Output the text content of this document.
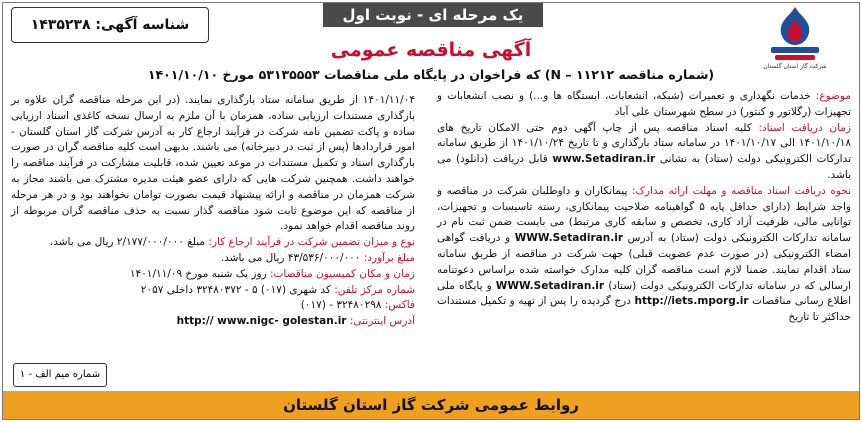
یک مرحله ای - نوبت اول
شناسه آگهی: ۱۴۳۵۲۳۸
شرکت گاز استان گلستان
آگهی مناقصه عمومی
(شماره مناقصه N – ۱۱۲۱۲) که فراخوان در پایگاه ملی مناقصات ۵۳۱۳۵۵۵۳ مورخ ۱۴۰۱/۱۰/۱۰

موضوع: خدمات نگهداری و تعمیرات (شبکه، انشعابات، ایستگاه ها و...) و نصب انشعابات و تجهیزات (رگلاتور و کنتور) در سطح شهرستان علی آباد

زمان دریافت اسناد: کلیه اسناد مناقصه پس از چاپ آگهی دوم حتی الامکان تاریخ های ۱۴۰۱/۱۰/۱۸ الی ۱۴۰۱/۱۰/۱۷ در سامانه ستاد بارگذاری و تا تاریخ ۱۴۰۱/۱۰/۲۴ از طریق سامانه تدارکات الکترونیکی دولت (ستاد) به نشانی www.Setadiran.ir قابل دریافت (دانلود) می باشد.

نحوه دریافت اسناد مناقصه و مهلت ارائه مدارک: پیمانکاران و داوطلبان شرکت در مناقصه و واجد شرایط (دارای حداقل پایه ۵ گواهینامه صلاحیت پیمانکاری، رسته تاسیسات و تجهیزات، توانایی مالی، ظرفیت آزاد کاری، تخصص و سابقه کاری مرتبط) می بایست ضمن ثبت نام در سامانه تدارکات الکترونیکی دولت (ستاد) به آدرس WWW.Setadiran.ir و دریافت گواهی امضاء الکترونیکی (در صورت عدم عضویت قبلی) جهت شرکت در مناقصه از طریق سامانه ستاد اقدام نمایند. ضمنا لازم است مناقصه گران کلیه مدارک خواسته شده براساس دعوتنامه ارسالی که در سامانه تدارکات الکترونیکی دولت (ستاد) WWW.Setadiran.ir و پایگاه ملی اطلاع رسانی مناقصات http://iets.mporg.ir درج گردیده را پس از تهیه و تکمیل مستندات حداکثر تا تاریخ

۱۴۰۱/۱۱/۰۴ از طریق سامانه ستاد بارگذاری نمایند. (در این مرحله مناقصه گران علاوه بر بارگذاری مستندات ارزیابی ساده، همزمان با آن ملزم به ارسال نسخه کاغذی اسناد ارزیابی ساده و پاکت تضمین نامه شرکت در فرآیند ارجاع کار به آدرس شرکت گاز استان گلستان - امور قراردادها (پس از ثبت در دبیرخانه) می باشند. بدیهی است کلیه مناقصه گران در صورت بارگذاری اسناد و تکمیل مستندات در موعد تعیین شده، قابلیت مشارکت در فرآیند مناقصه را خواهند داشت. همچنین شرکت هایی که دارای عضو هیئت مدیره مشترک می باشند مجاز به شرکت همزمان در مناقصه و ارائه پیشنهاد قیمت بصورت توامان نخواهند بود و در هر مرحله از مناقصه که این موضوع ثابت شود مناقصه گذار نسبت به حذف مناقصه گران مربوطه از روند مناقصه اقدام خواهد نمود.

نوع و میزان تضمین شرکت در فرآیند ارجاع کار: مبلغ ۲/۱۷۷/۰۰۰/۰۰۰ ریال می باشد.

مبلغ برآورد: ۴۳/۵۳۶/۰۰۰/۰۰۰ ریال می باشد.

زمان و مکان کمیسیون مناقصات: روز یک شنبه مورخ ۱۴۰۱/۱۱/۰۹

شماره مرکز تلفن: کد شهری (۰۱۷) ۵ - ۳۲۴۸۰۳۷۲ داخلی ۲۰۵۷

فاکس: ۳۲۴۸۰۲۹۸ - (۰۱۷)

آدرس اینترنتی: http:// www.nigc- golestan.ir

شماره میم الف - ۱
روابط عمومی شرکت گاز استان گلستان
